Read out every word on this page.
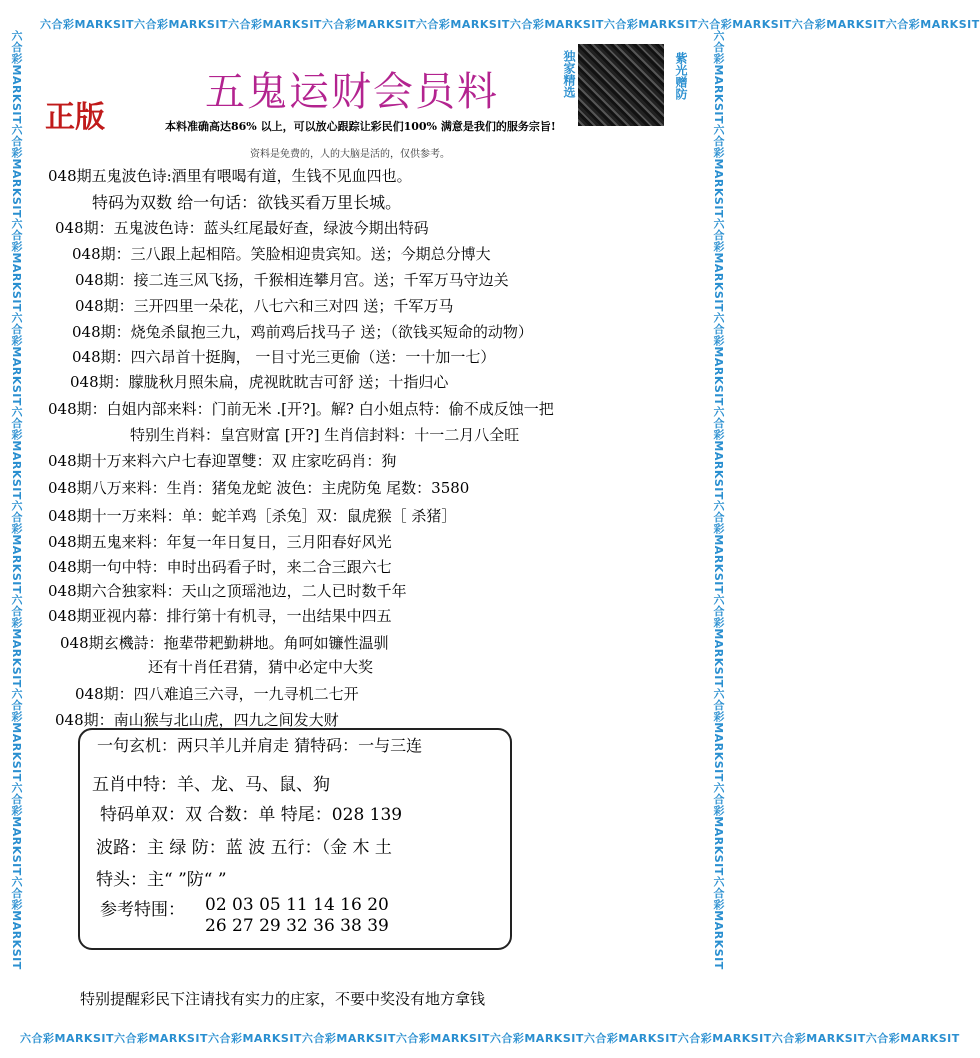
六合彩MARKSIT六合彩MARKSIT六合彩MARKSIT六合彩MARKSIT六合彩MARKSIT六合彩MARKSIT六合彩MARKSIT六合彩MARKSIT六合彩MARKSIT六合彩MARKSIT
六合彩MARKSIT六合彩MARKSIT六合彩MARKSIT六合彩MARKSIT六合彩MARKSIT六合彩MARKSIT六合彩MARKSIT六合彩MARKSIT六合彩MARKSIT六合彩MARKSIT
六合彩MARKSIT六合彩MARKSIT六合彩MARKSIT六合彩MARKSIT六合彩MARKSIT六合彩MARKSIT六合彩MARKSIT六合彩MARKSIT六合彩MARKSIT六合彩MARKSIT	六合彩MARKSIT六合彩MARKSIT六合彩MARKSIT六合彩MARKSIT六合彩MARKSIT六合彩MARKSIT六合彩MARKSIT六合彩MARKSIT六合彩MARKSIT六合彩MARKSIT
正版
五鬼运财会员料	独家精选	紫光赠防
本料准确高达86% 以上，可以放心跟踪让彩民们100% 满意是我们的服务宗旨!
资料是免费的，人的大脑是活的，仅供参考。
048期五鬼波色诗:酒里有喂喝有道，生钱不见血四也。
特码为双数 给一句话：欲钱买看万里长城。
048期：五鬼波色诗：蓝头红尾最好查，绿波今期出特码
048期：三八跟上起相陪。笑脸相迎贵宾知。送；今期总分博大
048期：接二连三风飞扬，千猴相连攀月宫。送；千军万马守边关
048期：三开四里一朵花，八七六和三对四 送；千军万马
048期：烧兔杀鼠抱三九，鸡前鸡后找马子 送；（欲钱买短命的动物）
048期：四六昂首十挺胸， 一目寸光三更偷（送：一十加一七）
048期：朦胧秋月照朱扁，虎视眈眈吉可舒 送；十指归心
048期：白姐内部来料：门前无米 .[开?]。解? 白小姐点特：偷不成反蚀一把
特别生肖料：皇宫财富 [开?] 生肖信封料：十一二月八全旺
048期十万来料六户七春迎罩雙：双 庄家吃码肖：狗
048期八万来料：生肖：猪兔龙蛇 波色：主虎防兔 尾数：3580
048期十一万来料：单：蛇羊鸡［杀兔］双：鼠虎猴［ 杀猪］
048期五鬼来料：年复一年日复日，三月阳春好风光
048期一句中特：申时出码看子时，来二合三跟六七
048期六合独家料：天山之顶瑶池边，二人已时数千年
048期亚视内幕：排行第十有机寻，一出结果中四五
048期玄機詩：拖辈带耙勤耕地。角呵如镰性温驯
还有十肖任君猜，猜中必定中大奖
048期：四八难追三六寻，一九寻机二七开
048期：南山猴与北山虎，四九之间发大财
一句玄机：两只羊儿并肩走 猜特码：一与三连
五肖中特：羊、龙、马、鼠、狗
特码单双：双 合数：单 特尾：028 139
波路：主 绿 防：蓝 波 五行：（金 木 土
特头：主“ ”防“ ”
参考特围： 02 03 05 11 14 16 20
26 27 29 32 36 38 39
特别提醒彩民下注请找有实力的庄家，不要中奖没有地方拿钱
